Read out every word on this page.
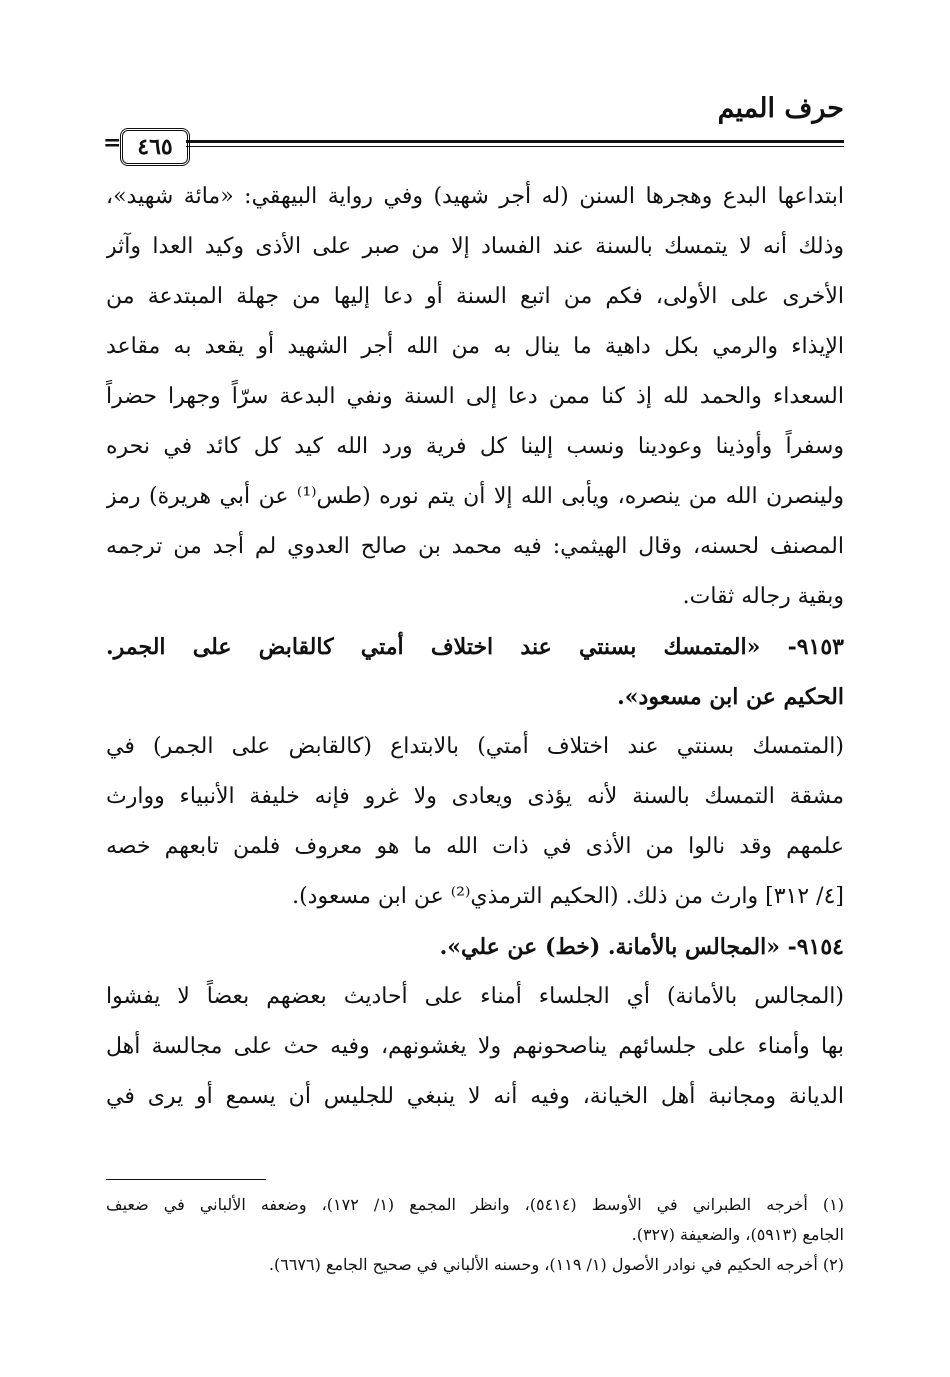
حرف الميم
٤٦٥
=
ابتداعها البدع وهجرها السنن (له أجر شهيد) وفي رواية البيهقي: «مائة شهيد»،
وذلك أنه لا يتمسك بالسنة عند الفساد إلا من صبر على الأذى وكيد العدا وآثر
الأخرى على الأولى، فكم من اتبع السنة أو دعا إليها من جهلة المبتدعة من
الإيذاء والرمي بكل داهية ما ينال به من الله أجر الشهيد أو يقعد به مقاعد
السعداء والحمد لله إذ كنا ممن دعا إلى السنة ونفي البدعة سرّاً وجهرا حضراً
وسفراً وأوذينا وعودينا ونسب إلينا كل فرية ورد الله كيد كل كائد في نحره
ولينصرن الله من ينصره، ويأبى الله إلا أن يتم نوره (طس⁽¹⁾ عن أبي هريرة) رمز
المصنف لحسنه، وقال الهيثمي: فيه محمد بن صالح العدوي لم أجد من ترجمه
وبقية رجاله ثقات.
٩١٥٣- «المتمسك بسنتي عند اختلاف أمتي كالقابض على الجمر.
الحكيم عن ابن مسعود».
(المتمسك بسنتي عند اختلاف أمتي) بالابتداع (كالقابض على الجمر) في
مشقة التمسك بالسنة لأنه يؤذى ويعادى ولا غرو فإنه خليفة الأنبياء ووارث
علمهم وقد نالوا من الأذى في ذات الله ما هو معروف فلمن تابعهم خصه
[٤/ ٣١٢] وارث من ذلك. (الحكيم الترمذي⁽²⁾ عن ابن مسعود).
٩١٥٤- «المجالس بالأمانة. (خط) عن علي».
(المجالس بالأمانة) أي الجلساء أمناء على أحاديث بعضهم بعضاً لا يفشوا
بها وأمناء على جلسائهم يناصحونهم ولا يغشونهم، وفيه حث على مجالسة أهل
الديانة ومجانبة أهل الخيانة، وفيه أنه لا ينبغي للجليس أن يسمع أو يرى في
(١) أخرجه الطبراني في الأوسط (٥٤١٤)، وانظر المجمع (١/ ١٧٢)، وضعفه الألباني في ضعيف
الجامع (٥٩١٣)، والضعيفة (٣٢٧).
(٢) أخرجه الحكيم في نوادر الأصول (١/ ١١٩)، وحسنه الألباني في صحيح الجامع (٦٦٧٦).
